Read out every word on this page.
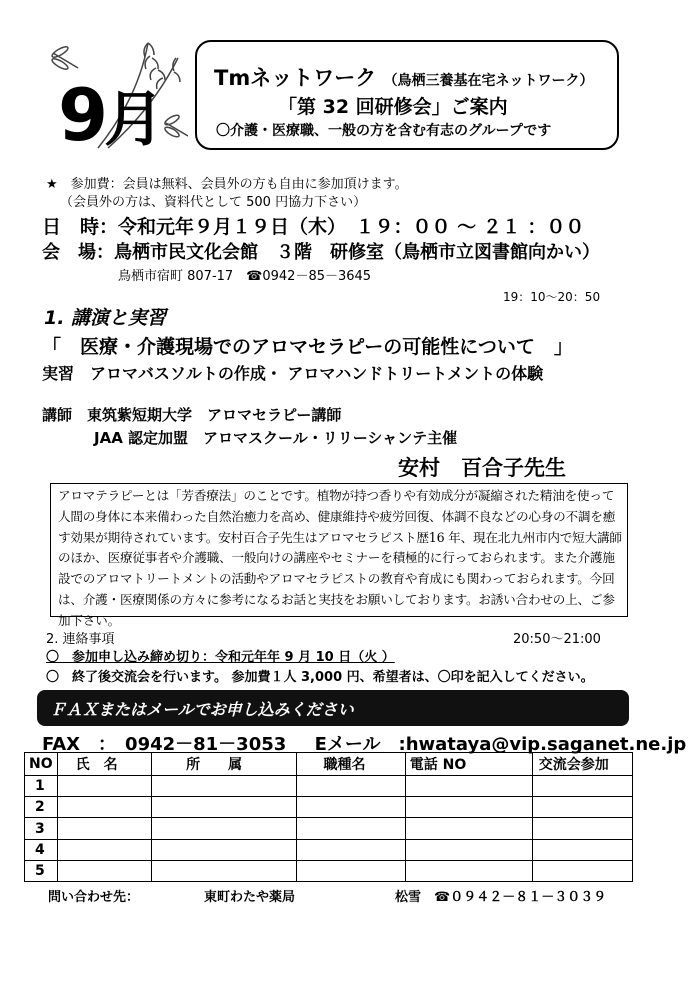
9月
Tmネットワーク （鳥栖三養基在宅ネットワーク）
「第 32 回研修会」ご案内
〇介護・医療職、一般の方を含む有志のグループです
★　参加費：会員は無料、会員外の方も自由に参加頂けます。
（会員外の方は、資料代として 500 円協力下さい）
日　時：令和元年９月１９日（木）　１９：００ ～ ２１ ：００
会　場：鳥栖市民文化会館　３階　研修室（鳥栖市立図書館向かい）
鳥栖市宿町 807-17　☎0942－85－3645
19：10～20：50
1. 講演と実習
「　医療・介護現場でのアロマセラピーの可能性について　」
実習　アロマバスソルトの作成・ アロマハンドトリートメントの体験
講師　東筑紫短期大学　アロマセラピー講師
JAA 認定加盟　アロマスクール・リリーシャンテ主催
安村　百合子先生
アロマテラピーとは「芳香療法」のことです。植物が持つ香りや有効成分が凝縮された精油を使って人間の身体に本来備わった自然治癒力を高め、健康維持や疲労回復、体調不良などの心身の不調を癒す効果が期待されています。安村百合子先生はアロマセラピスト歴16 年、現在北九州市内で短大講師のほか、医療従事者や介護職、一般向けの講座やセミナーを積極的に行っておられます。また介護施設でのアロマトリートメントの活動やアロマセラピストの教育や育成にも関わっておられます。今回は、介護・医療関係の方々に参考になるお話と実技をお願いしております。お誘い合わせの上、ご参加下さい。
2. 連絡事項	20:50～21:00
〇　参加申し込み締め切り：令和元年年 9 月 10 日（火 ）
〇　終了後交流会を行います。 参加費１人 3,000 円、希望者は、〇印を記入してください。
ＦＡＸまたはメールでお申し込みください
FAX　：　0942－81－3053 Eメール　:hwataya@vip.saganet.ne.jp
NO	氏　名	所　　属	職種名	電話 NO	交流会参加
1					
2					
3					
4					
5					
問い合わせ先：	東町わたや薬局	松雪　☎０９４２－８１－３０３９
